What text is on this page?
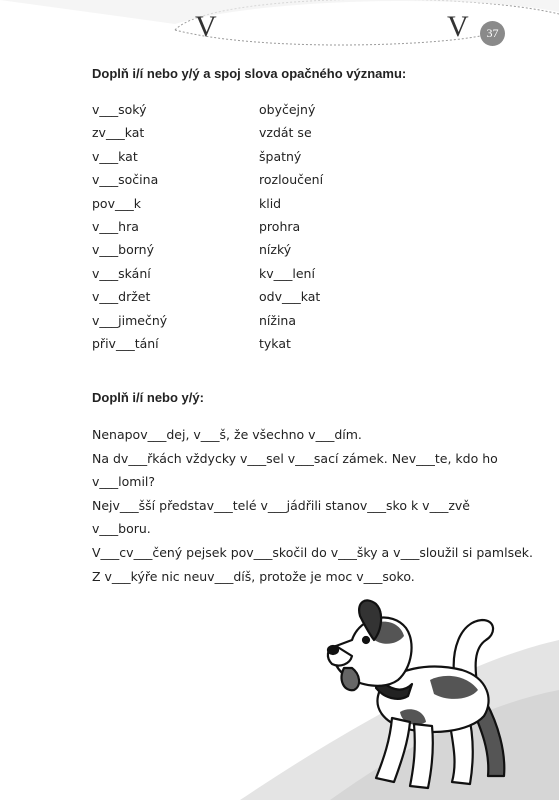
V	V	37
Doplň i/í nebo y/ý a spoj slova opačného významu:
v___soký
zv___kat
v___kat
v___sočina
pov___k
v___hra
v___borný
v___skání
v___držet
v___jimečný
přiv___tání
obyčejný
vzdát se
špatný
rozloučení
klid
prohra
nízký
kv___lení
odv___kat
nížina
tykat
Doplň i/í nebo y/ý:
Nenapov___dej, v___š, že všechno v___dím.
Na dv___řkách vždycky v___sel v___sací zámek. Nev___te, kdo ho
v___lomil?
Nejv___šší představ___telé v___jádřili stanov___sko k v___zvě
v___boru.
V___cv___čený pejsek pov___skočil do v___šky a v___sloužil si pamlsek.
Z v___kýře nic neuv___díš, protože je moc v___soko.
